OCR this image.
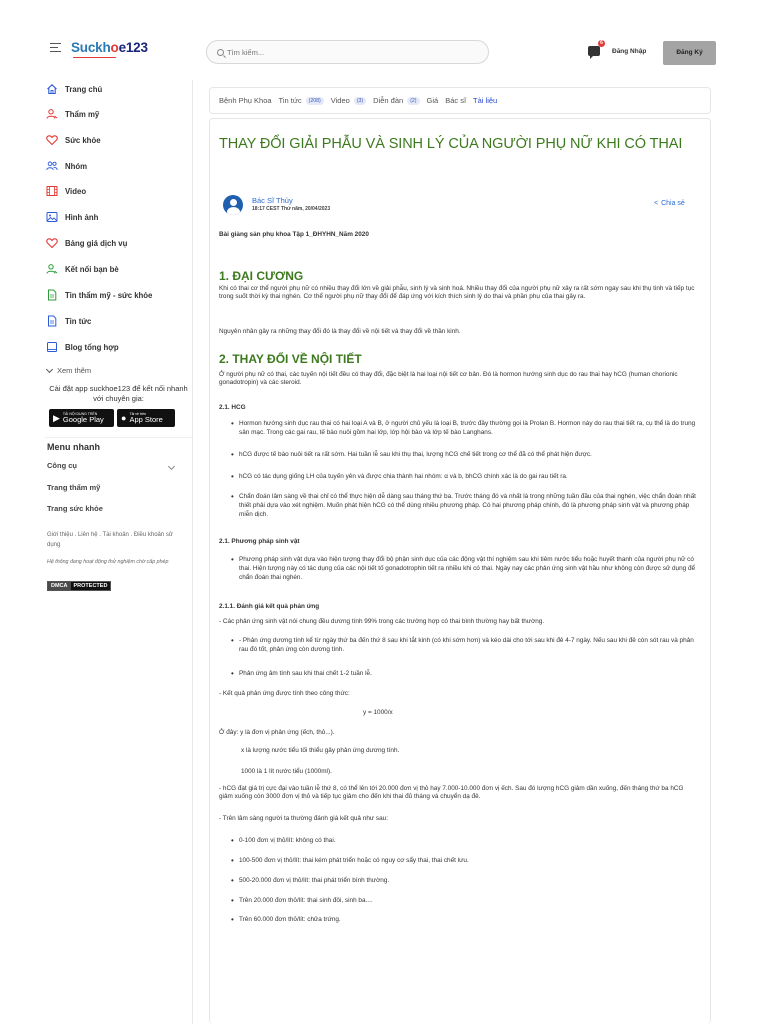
Suckhoe123
Tìm kiếm...	6
Đăng Nhập	Đăng Ký
Trang chủ
Thẩm mỹ
Sức khỏe
Nhóm
Video
Hình ảnh
Bảng giá dịch vụ
Kết nối bạn bè
Tin thẩm mỹ - sức khỏe
Tin tức
Blog tổng hợp
Xem thêm
Cài đặt app suckhoe123 để kết nối nhanh với chuyên gia:
▶ TẢI NỘI DUNG TRÊN
Google Play ● Tải về trên
App Store
Menu nhanh
Công cụ
Trang thẩm mỹ
Trang sức khỏe
Giới thiệu . Liên hệ . Tài khoản . Điều khoản sử dụng
Hệ thống đang hoạt động thử nghiệm chờ cấp phép
DMCA	PROTECTED
Bệnh Phụ Khoa Tin tức	(208)	Video	(3)	Diễn đàn	(2)	Giá Bác sĩ Tài liệu
THAY ĐỔI GIẢI PHẪU VÀ SINH LÝ CỦA NGƯỜI PHỤ NỮ KHI CÓ THAI
Bác Sĩ Thủy
18:17 CEST Thứ năm, 20/04/2023
< Chia sẻ
Bài giảng sản phụ khoa Tập 1_ĐHYHN_Năm 2020
1. ĐẠI CƯƠNG
Khi có thai cơ thể người phụ nữ có nhiều thay đổi lớn về giải phẫu, sinh lý và sinh hoá. Nhiều thay đổi của người phụ nữ xảy ra rất sớm ngay sau khi thụ tinh và tiếp tục trong suốt thời kỳ thai nghén. Cơ thể người phụ nữ thay đổi để đáp ứng với kích thích sinh lý do thai và phần phụ của thai gây ra.
Nguyên nhân gây ra những thay đổi đó là thay đổi về nội tiết và thay đổi về thần kinh.
2. THAY ĐỔI VỀ NỘI TIẾT
Ở người phụ nữ có thai, các tuyến nội tiết đều có thay đổi, đặc biệt là hai loại nội tiết cơ bản. Đó là hormon hướng sinh dục do rau thai hay hCG (human chorionic gonadotropin) và các steroid.
2.1. HCG
• Hormon hướng sinh dục rau thai có hai loại A và B, ở người chủ yếu là loại B, trước đây thường gọi là Prolan B. Hormon này do rau thai tiết ra, cụ thể là do trung sản mạc. Trong các gai rau, tế bào nuôi gồm hai lớp, lớp hội bào và lớp tế bào Langhans.
• hCG được tế bào nuôi tiết ra rất sớm. Hai tuần lễ sau khi thụ thai, lượng hCG chế tiết trong cơ thể đã có thể phát hiện được.
• hCG có tác dụng giống LH của tuyến yên và được chia thành hai nhóm: α và b, bhCG chính xác là do gai rau tiết ra.
• Chẩn đoán lâm sàng về thai chỉ có thể thực hiện dễ dàng sau tháng thứ ba. Trước tháng đó và nhất là trong những tuần đầu của thai nghén, việc chẩn đoán nhất thiết phải dựa vào xét nghiệm. Muốn phát hiện hCG có thể dùng nhiều phương pháp. Có hai phương pháp chính, đó là phương pháp sinh vật và phương pháp miễn dịch.
2.1. Phương pháp sinh vật
• Phương pháp sinh vật dựa vào hiện tượng thay đổi bộ phận sinh dục của các động vật thí nghiệm sau khi tiêm nước tiểu hoặc huyết thanh của người phụ nữ có thai. Hiện tượng này có tác dụng của các nội tiết tố gonadotrophin tiết ra nhiều khi có thai. Ngày nay các phản ứng sinh vật hầu như không còn được sử dụng để chẩn đoán thai nghén.
2.1.1. Đánh giá kết quả phản ứng
- Các phản ứng sinh vật nói chung đều dương tính 99% trong các trường hợp có thai bình thường hay bất thường.
• - Phản ứng dương tính kể từ ngày thứ ba đến thứ 8 sau khi tắt kinh (có khi sớm hơn) và kéo dài cho tới sau khi đẻ 4-7 ngày. Nếu sau khi đẻ còn sót rau và phản rau đó tốt, phản ứng còn dương tính.
• Phản ứng âm tính sau khi thai chết 1-2 tuần lễ.
- Kết quả phản ứng được tính theo công thức:
y = 1000/x
Ở đây: y là đơn vị phản ứng (ếch, thỏ...).
x là lượng nước tiểu tối thiểu gây phản ứng dương tính.
1000 là 1 lít nước tiểu (1000ml).
- hCG đạt giá trị cực đại vào tuần lễ thứ 8, có thể lên tới 20.000 đơn vị thỏ hay 7.000-10.000 đơn vị ếch. Sau đó lượng hCG giảm dần xuống, đến tháng thứ ba hCG giảm xuống còn 3000 đơn vị thỏ và tiếp tục giảm cho đến khi thai đủ tháng và chuyển dạ đẻ.
- Trên lâm sàng người ta thường đánh giá kết quả như sau:
• 0-100 đơn vị thỏ/lít: không có thai.
• 100-500 đơn vị thỏ/lít: thai kém phát triển hoặc có nguy cơ sẩy thai, thai chết lưu.
• 500-20.000 đơn vị thỏ/lít: thai phát triển bình thường.
• Trên 20.000 đơn thỏ/lít: thai sinh đôi, sinh ba....
• Trên 60.000 đơn thỏ/lít: chửa trứng.
